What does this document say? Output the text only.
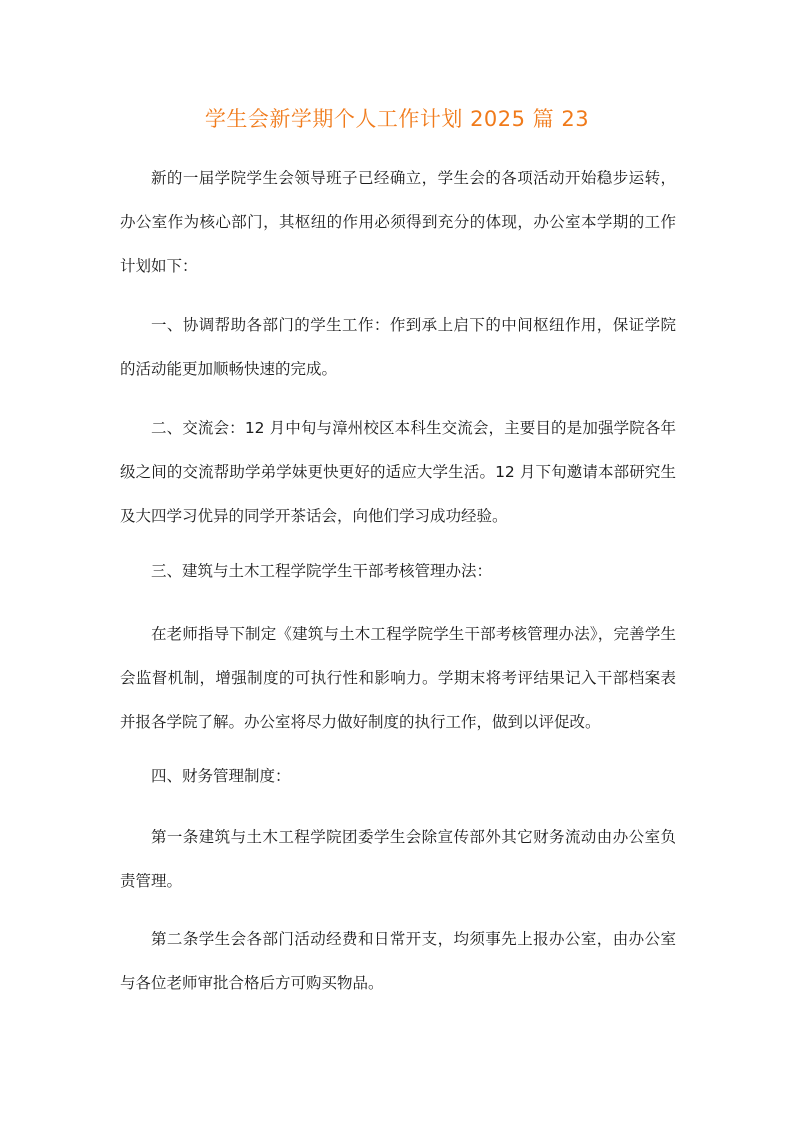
学生会新学期个人工作计划 2025 篇 23

新的一届学院学生会领导班子已经确立，学生会的各项活动开始稳步运转，办公室作为核心部门，其枢纽的作用必须得到充分的体现，办公室本学期的工作计划如下：

一、协调帮助各部门的学生工作：作到承上启下的中间枢纽作用，保证学院的活动能更加顺畅快速的完成。

二、交流会：12 月中旬与漳州校区本科生交流会，主要目的是加强学院各年级之间的交流帮助学弟学妹更快更好的适应大学生活。12 月下旬邀请本部研究生及大四学习优异的同学开茶话会，向他们学习成功经验。

三、建筑与土木工程学院学生干部考核管理办法：

在老师指导下制定《建筑与土木工程学院学生干部考核管理办法》，完善学生会监督机制，增强制度的可执行性和影响力。学期末将考评结果记入干部档案表并报各学院了解。办公室将尽力做好制度的执行工作，做到以评促改。

四、财务管理制度：

第一条建筑与土木工程学院团委学生会除宣传部外其它财务流动由办公室负责管理。

第二条学生会各部门活动经费和日常开支，均须事先上报办公室，由办公室与各位老师审批合格后方可购买物品。
